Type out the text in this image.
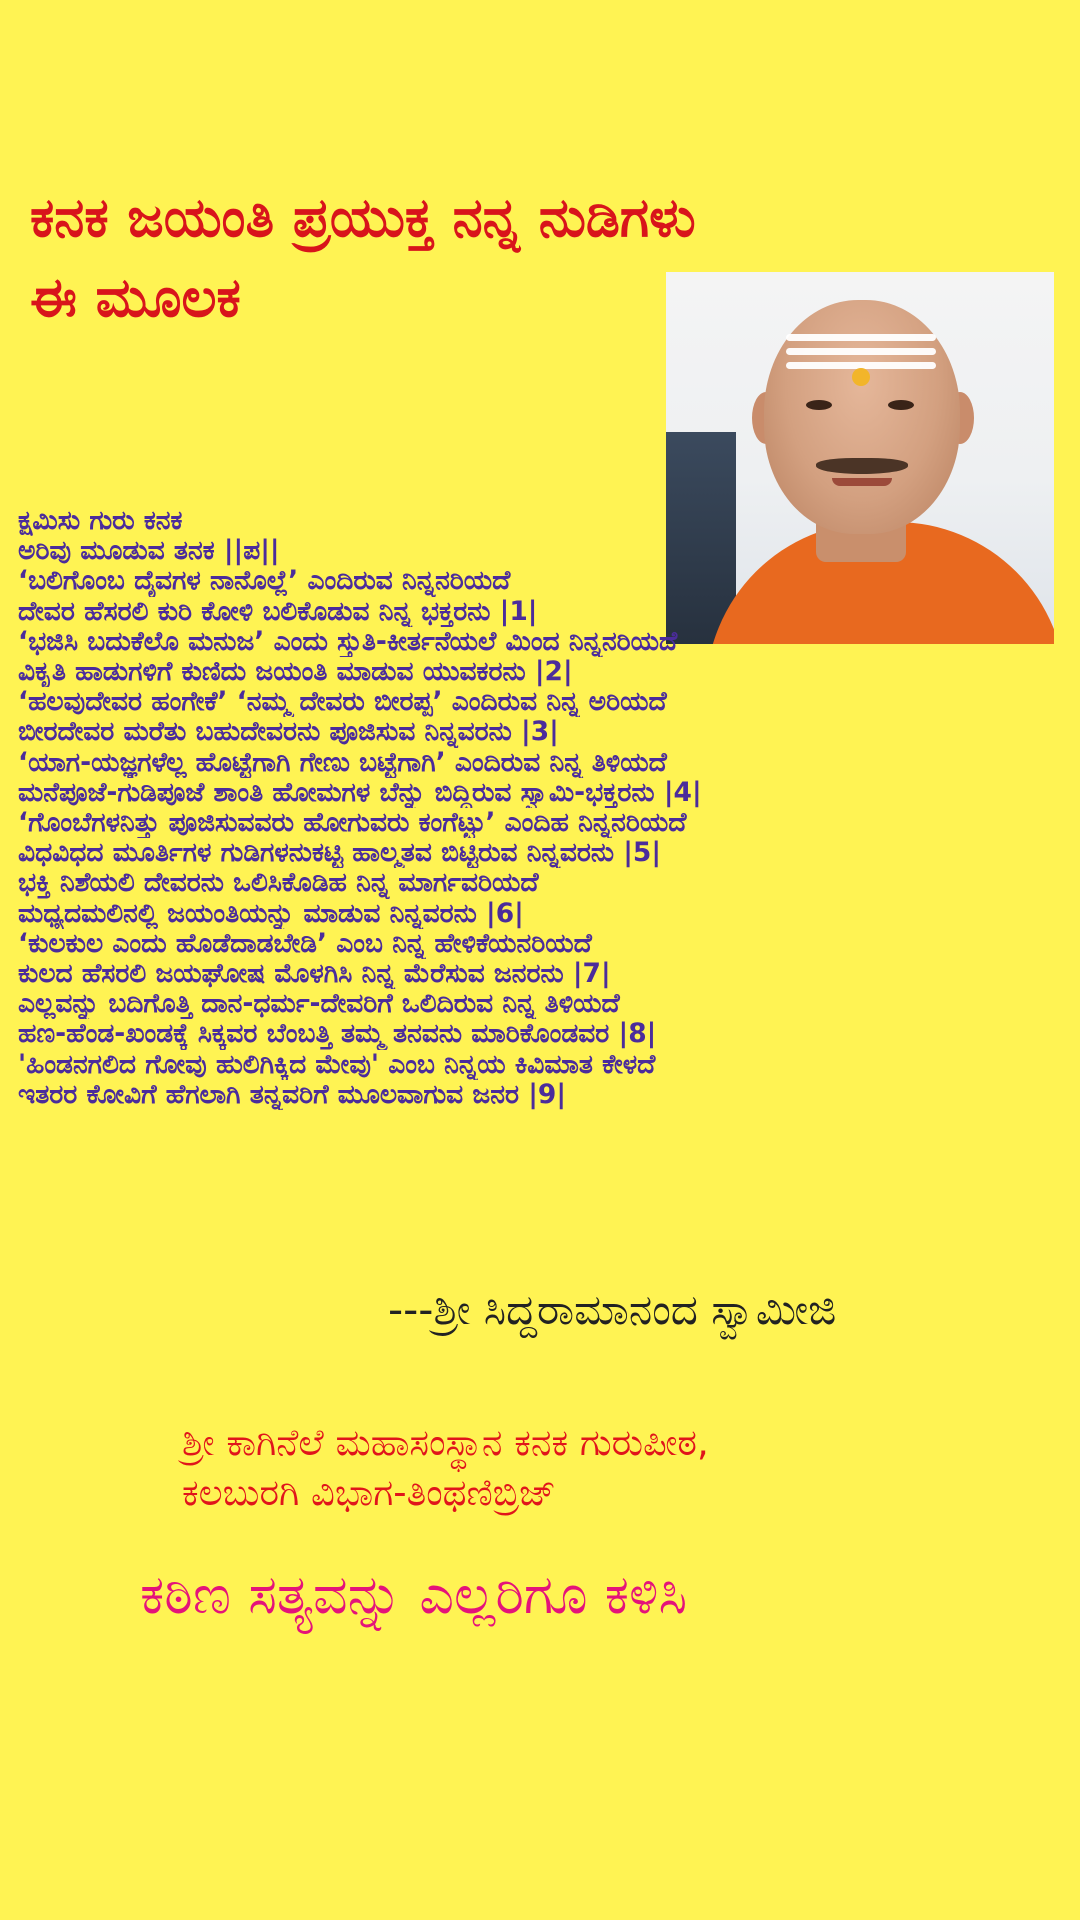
ಕನಕ ಜಯಂತಿ ಪ್ರಯುಕ್ತ ನನ್ನ ನುಡಿಗಳು
ಈ ಮೂಲಕ
ಕ್ಷಮಿಸು ಗುರು ಕನಕ
ಅರಿವು ಮೂಡುವ ತನಕ ||ಪ||
‘ಬಲಿಗೊಂಬ ದೈವಗಳ ನಾನೊಲ್ಲೆ’ ಎಂದಿರುವ ನಿನ್ನನರಿಯದೆ
ದೇವರ ಹೆಸರಲಿ ಕುರಿ ಕೋಳಿ ಬಲಿಕೊಡುವ ನಿನ್ನ ಭಕ್ತರನು |1|
‘ಭಜಿಸಿ ಬದುಕೆಲೊ ಮನುಜ’ ಎಂದು ಸ್ತುತಿ-ಕೀರ್ತನೆಯಲೆ ಮಿಂದ ನಿನ್ನನರಿಯದೆ
ವಿಕೃತಿ ಹಾಡುಗಳಿಗೆ ಕುಣಿದು ಜಯಂತಿ ಮಾಡುವ ಯುವಕರನು |2|
‘ಹಲವುದೇವರ ಹಂಗೇಕೆ’ ‘ನಮ್ಮ ದೇವರು ಬೀರಪ್ಪ’ ಎಂದಿರುವ ನಿನ್ನ ಅರಿಯದೆ
ಬೀರದೇವರ ಮರೆತು ಬಹುದೇವರನು ಪೂಜಿಸುವ ನಿನ್ನವರನು |3|
‘ಯಾಗ-ಯಜ್ಞಗಳೆಲ್ಲ ಹೊಟ್ಟೆಗಾಗಿ ಗೇಣು ಬಟ್ಟೆಗಾಗಿ’ ಎಂದಿರುವ ನಿನ್ನ ತಿಳಿಯದೆ
ಮನೆಪೂಜೆ-ಗುಡಿಪೂಜೆ ಶಾಂತಿ ಹೋಮಗಳ ಬೆನ್ನು ಬಿದ್ದಿರುವ ಸ್ವಾಮಿ-ಭಕ್ತರನು |4|
‘ಗೊಂಬೆಗಳನಿತ್ತು ಪೂಜಿಸುವವರು ಹೋಗುವರು ಕಂಗೆಟ್ಟು’ ಎಂದಿಹ ನಿನ್ನನರಿಯದೆ
ವಿಧವಿಧದ ಮೂರ್ತಿಗಳ ಗುಡಿಗಳನುಕಟ್ಟಿ ಹಾಲ್ಮತವ ಬಿಟ್ಟಿರುವ ನಿನ್ನವರನು |5|
ಭಕ್ತಿ ನಿಶೆಯಲಿ ದೇವರನು ಒಲಿಸಿಕೊಡಿಹ ನಿನ್ನ ಮಾರ್ಗವರಿಯದೆ
ಮಧ್ಯದಮಲಿನಲ್ಲಿ ಜಯಂತಿಯನ್ನು ಮಾಡುವ ನಿನ್ನವರನು |6|
‘ಕುಲಕುಲ ಎಂದು ಹೊಡೆದಾಡಬೇಡಿ’ ಎಂಬ ನಿನ್ನ ಹೇಳಿಕೆಯನರಿಯದೆ
ಕುಲದ ಹೆಸರಲಿ ಜಯಘೋಷ ಮೊಳಗಿಸಿ ನಿನ್ನ ಮೆರೆಸುವ ಜನರನು |7|
ಎಲ್ಲವನ್ನು ಬದಿಗೊತ್ತಿ ದಾನ-ಧರ್ಮ-ದೇವರಿಗೆ ಒಲಿದಿರುವ ನಿನ್ನ ತಿಳಿಯದೆ
ಹಣ-ಹೆಂಡ-ಖಂಡಕ್ಕೆ ಸಿಕ್ಕವರ ಬೆಂಬತ್ತಿ ತಮ್ಮ ತನವನು ಮಾರಿಕೊಂಡವರ |8|
'ಹಿಂಡನಗಲಿದ ಗೋವು ಹುಲಿಗಿಕ್ಕಿದ ಮೇವು' ಎಂಬ ನಿನ್ನಯ ಕಿವಿಮಾತ ಕೇಳದೆ
ಇತರರ ಕೋವಿಗೆ ಹೆಗಲಾಗಿ ತನ್ನವರಿಗೆ ಮೂಲವಾಗುವ ಜನರ |9|
---ಶ್ರೀ ಸಿದ್ದರಾಮಾನಂದ ಸ್ವಾಮೀಜಿ
ಶ್ರೀ ಕಾಗಿನೆಲೆ ಮಹಾಸಂಸ್ಥಾನ ಕನಕ ಗುರುಪೀಠ,
ಕಲಬುರಗಿ ವಿಭಾಗ-ತಿಂಥಣಿಬ್ರಿಜ್
ಕಠಿಣ ಸತ್ಯವನ್ನು ಎಲ್ಲರಿಗೂ ಕಳಿಸಿ
